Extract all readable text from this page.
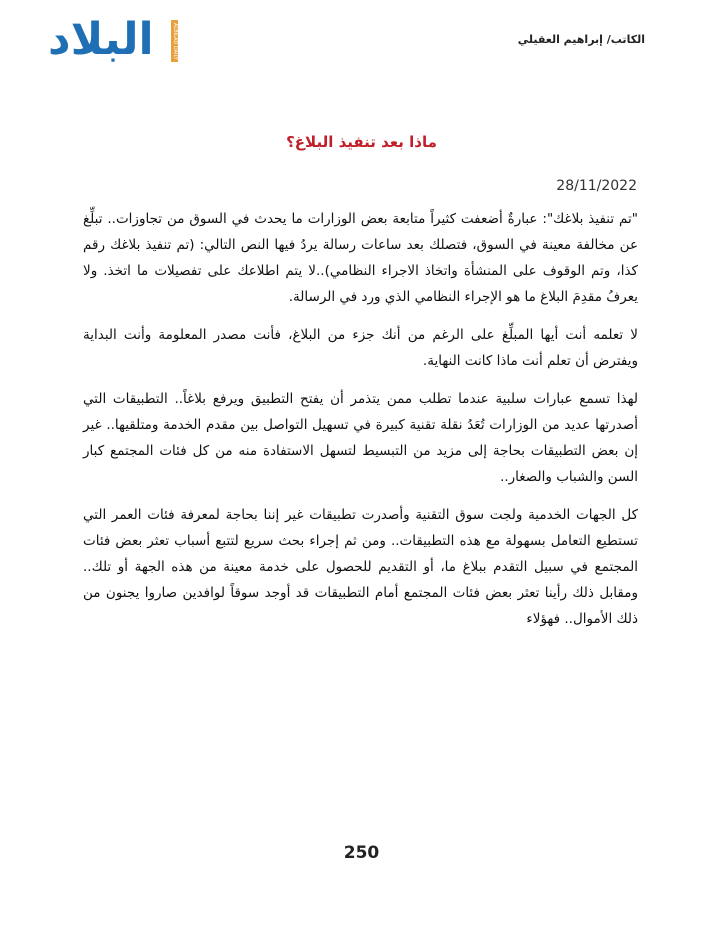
البلاد	ALBILAD DAILY	الكاتب/ إبراهيم العقيلي
ماذا بعد تنفيذ البلاغ؟
28/11/2022

"تم تنفيذ بلاغك": عبارةٌ أضعفت كثيراً متابعة بعض الوزارات ما يحدث في السوق من تجاوزات.. تبلِّغ عن مخالفة معينة في السوق، فتصلك بعد ساعات رسالة يردُ فيها النص التالي: (تم تنفيذ بلاغك رقم كذا، وتم الوقوف على المنشأة واتخاذ الاجراء النظامي)..لا يتم اطلاعك على تفصيلات ما اتخذ. ولا يعرفُ مقدِمَ البلاغ ما هو الإجراء النظامي الذي ورد في الرسالة.

لا تعلمه أنت أيها المبلِّغ على الرغم من أنك جزء من البلاغ، فأنت مصدر المعلومة وأنت البداية ويفترض أن تعلم أنت ماذا كانت النهاية.

لهذا تسمع عبارات سلبية عندما تطلب ممن يتذمر أن يفتح التطبيق ويرفع بلاغاً.. التطبيقات التي أصدرتها عديد من الوزارات تُعَدُ نقلة تقنية كبيرة في تسهيل التواصل بين مقدم الخدمة ومتلقيها.. غير إن بعض التطبيقات بحاجة إلى مزيد من التبسيط لتسهل الاستفادة منه من كل فئات المجتمع كبار السن والشباب والصغار..

كل الجهات الخدمية ولجت سوق التقنية وأصدرت تطبيقات غير إننا بحاجة لمعرفة فئات العمر التي تستطيع التعامل بسهولة مع هذه التطبيقات.. ومن ثم إجراء بحث سريع لتتبع أسباب تعثر بعض فئات المجتمع في سبيل التقدم ببلاغ ما، أو التقديم للحصول على خدمة معينة من هذه الجهة أو تلك.. ومقابل ذلك رأينا تعثر بعض فئات المجتمع أمام التطبيقات قد أوجد سوقاً لوافدين صاروا يجنون من ذلك الأموال.. فهؤلاء

250
